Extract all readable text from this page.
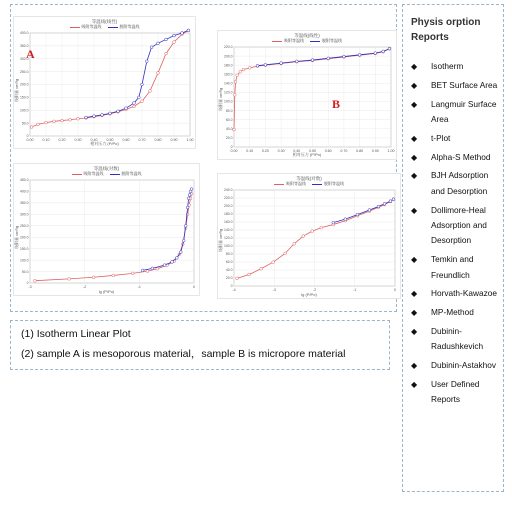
等温线(线性)
吸附等温线	脱附等温线
0.00	0.10	0.20	0.30	0.40	0.50	0.60	0.70	0.80	0.90	1.00
0
50.0
100.0
150.0
200.0
250.0
300.0
350.0
400.0
相对压力 (P/Po)
吸附量 cm³/g
A
等温线(线性)
吸附等温线	脱附等温线
0.00 0.10 0.20 0.30 0.40 0.50 0.60 0.70 0.80 0.90 1.00
0
20.0
40.0
60.0
80.0
100.0
120.0
140.0
160.0
180.0
200.0
220.0
相对压力 (P/Po)
吸附量 cm³/g	B
等温线(对数)
吸附等温线	脱附等温线
-3	-2	-1	0
0
50.0
100.0
150.0
200.0
250.0
300.0
350.0
400.0
450.0
lg (P/Po)
吸附量 cm³/g
等温线(对数)
吸附等温线	脱附等温线
-4	-3	-2	-1	0
0
20.0
40.0
60.0
80.0
100.0
120.0
140.0
160.0
180.0
200.0
220.0
240.0
lg (P/Po)
吸附量 cm³/g

(1) Isotherm Linear Plot

(2) sample A is mesoporous material，sample B is micropore material

Physis orption Reports
◆ Isotherm
◆ BET Surface Area
◆ Langmuir Surface Area
◆ t-Plot
◆ Alpha-S Method
◆ BJH Adsorption and Desorption
◆ Dollimore-Heal Adsorption and Desorption
◆ Temkin and Freundlich
◆ Horvath-Kawazoe
◆ MP-Method
◆ Dubinin-Radushkevich
◆ Dubinin-Astakhov
◆ User Defined Reports
